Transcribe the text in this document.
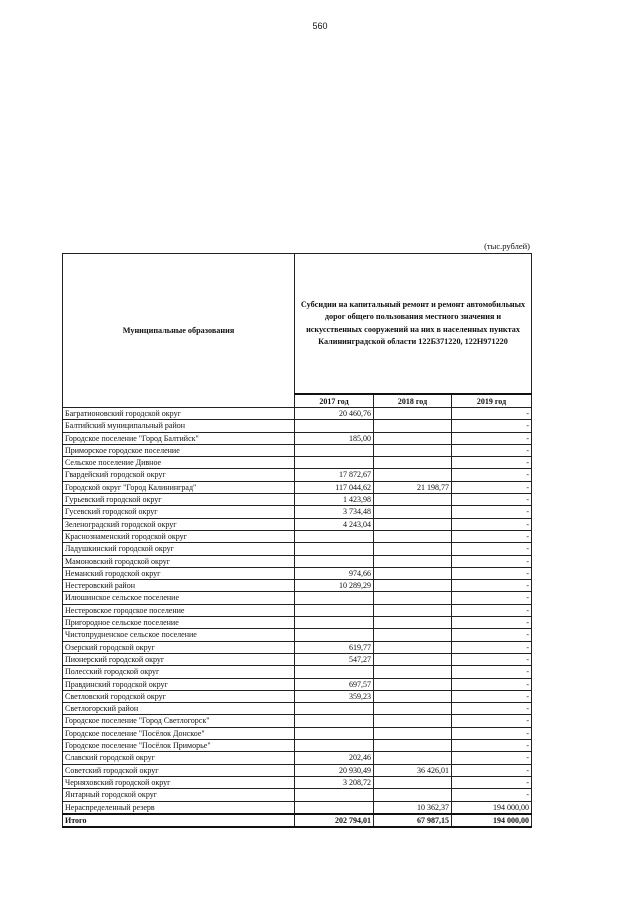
560
(тыс.рублей)
Муниципальные образования	Субсидии на капитальный ремонт и ремонт автомобильных дорог общего пользования местного значения и искусственных сооружений на них в населенных пунктах Калининградской области 122Б371220, 122Н971220		
	2017 год	2018 год	2019 год
Багратионовский городской округ	20 460,76		-
Балтийский муниципальный район			-
Городское поселение "Город Балтийск"	185,00		-
Приморское городское поселение			-
Сельское поселение Дивное			-
Гвардейский городской округ	17 872,67		-
Городской округ "Город Калининград"	117 044,62	21 198,77	-
Гурьевский городской округ	1 423,98		-
Гусевский городской округ	3 734,48		-
Зеленоградский городской округ	4 243,04		-
Краснознаменский городской округ			-
Ладушкинский городской округ			-
Мамоновский городской округ			-
Неманский городской округ	974,66		-
Нестеровский район	10 289,29		-
Илюшинское сельское поселение			-
Нестеровское городское поселение			-
Пригородное сельское поселение			-
Чистопрудненское сельское поселение			-
Озерский городской округ	619,77		-
Пионерский городской округ	547,27		-
Полесский городской округ			-
Правдинский городской округ	697,57		-
Светловский городской округ	359,23		-
Светлогорский район			-
Городское поселение "Город Светлогорск"			-
Городское поселение "Посёлок Донское"			-
Городское поселение "Посёлок Приморье"			-
Славский городской округ	202,46		-
Советский городской округ	20 930,49	36 426,01	-
Черняховский городской округ	3 208,72		-
Янтарный городской округ			-
Нераспределенный резерв		10 362,37	194 000,00
Итого	202 794,01	67 987,15	194 000,00
